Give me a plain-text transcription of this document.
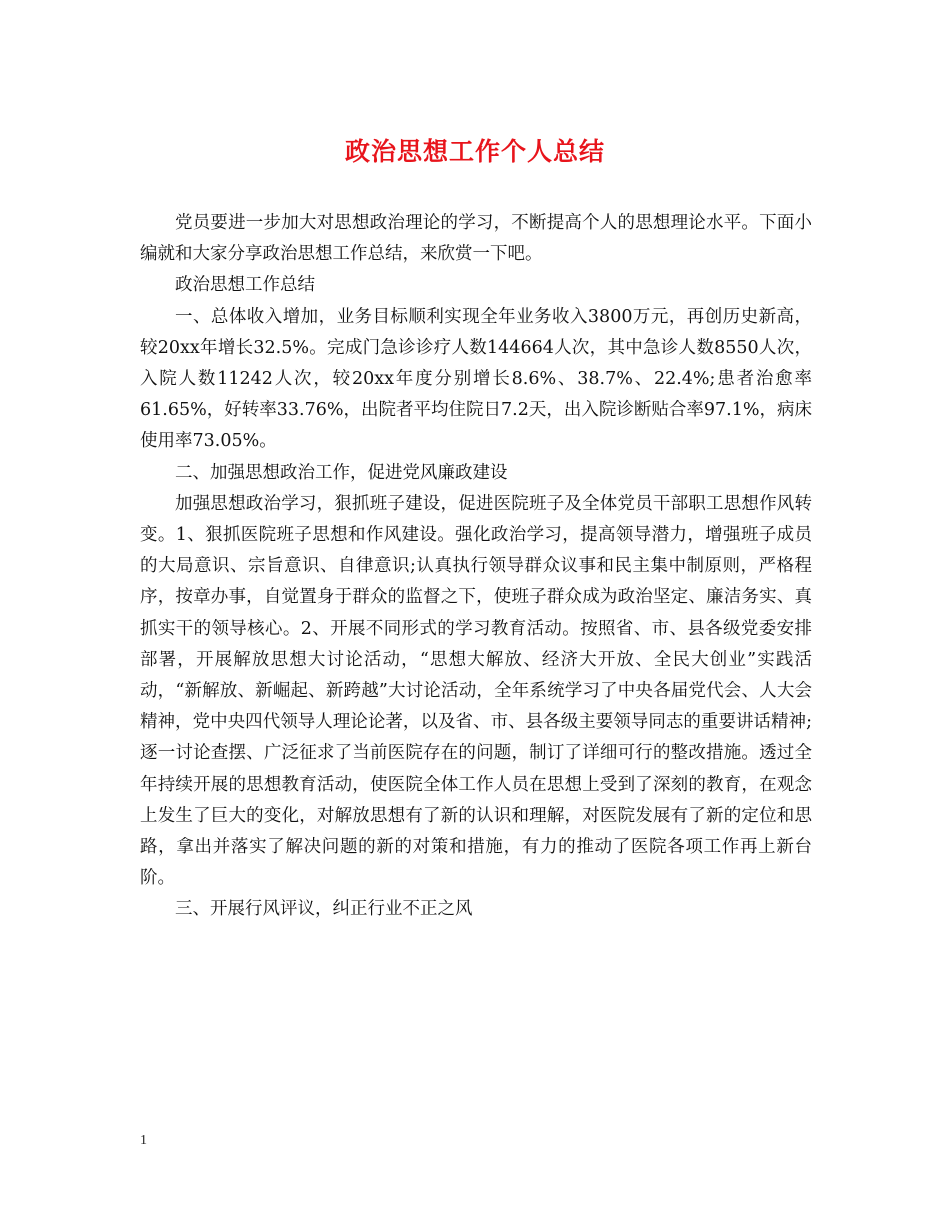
政治思想工作个人总结

党员要进一步加大对思想政治理论的学习，不断提高个人的思想理论水平。下面小编就和大家分享政治思想工作总结，来欣赏一下吧。

政治思想工作总结

一、总体收入增加，业务目标顺利实现全年业务收入3800万元，再创历史新高，较20xx年增长32.5%。完成门急诊诊疗人数144664人次，其中急诊人数8550人次，入院人数11242人次，较20xx年度分别增长8.6%、38.7%、22.4%;患者治愈率61.65%，好转率33.76%，出院者平均住院日7.2天，出入院诊断贴合率97.1%，病床使用率73.05%。

二、加强思想政治工作，促进党风廉政建设

加强思想政治学习，狠抓班子建设，促进医院班子及全体党员干部职工思想作风转变。1、狠抓医院班子思想和作风建设。强化政治学习，提高领导潜力，增强班子成员的大局意识、宗旨意识、自律意识;认真执行领导群众议事和民主集中制原则，严格程序，按章办事，自觉置身于群众的监督之下，使班子群众成为政治坚定、廉洁务实、真抓实干的领导核心。2、开展不同形式的学习教育活动。按照省、市、县各级党委安排部署，开展解放思想大讨论活动，“思想大解放、经济大开放、全民大创业”实践活动，“新解放、新崛起、新跨越”大讨论活动，全年系统学习了中央各届党代会、人大会精神，党中央四代领导人理论论著，以及省、市、县各级主要领导同志的重要讲话精神;逐一讨论查摆、广泛征求了当前医院存在的问题，制订了详细可行的整改措施。透过全年持续开展的思想教育活动，使医院全体工作人员在思想上受到了深刻的教育，在观念上发生了巨大的变化，对解放思想有了新的认识和理解，对医院发展有了新的定位和思路，拿出并落实了解决问题的新的对策和措施，有力的推动了医院各项工作再上新台阶。

三、开展行风评议，纠正行业不正之风

1
